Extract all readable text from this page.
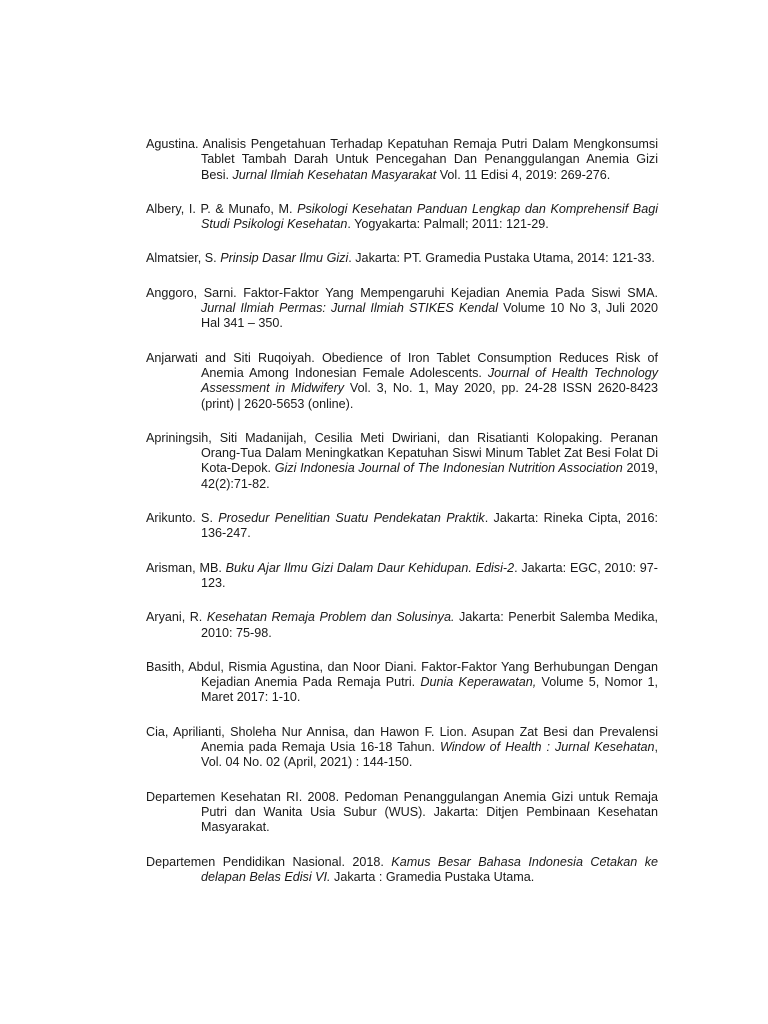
Agustina. Analisis Pengetahuan Terhadap Kepatuhan Remaja Putri Dalam Mengkonsumsi Tablet Tambah Darah Untuk Pencegahan Dan Penanggulangan Anemia Gizi Besi. Jurnal Ilmiah Kesehatan Masyarakat Vol. 11 Edisi 4, 2019: 269-276.

Albery, I. P. & Munafo, M. Psikologi Kesehatan Panduan Lengkap dan Komprehensif Bagi Studi Psikologi Kesehatan. Yogyakarta: Palmall; 2011: 121-29.

Almatsier, S. Prinsip Dasar Ilmu Gizi. Jakarta: PT. Gramedia Pustaka Utama, 2014: 121-33.

Anggoro, Sarni. Faktor-Faktor Yang Mempengaruhi Kejadian Anemia Pada Siswi SMA. Jurnal Ilmiah Permas: Jurnal Ilmiah STIKES Kendal Volume 10 No 3, Juli 2020 Hal 341 – 350.

Anjarwati and Siti Ruqoiyah. Obedience of Iron Tablet Consumption Reduces Risk of Anemia Among Indonesian Female Adolescents. Journal of Health Technology Assessment in Midwifery Vol. 3, No. 1, May 2020, pp. 24-28 ISSN 2620-8423 (print) | 2620-5653 (online).

Apriningsih, Siti Madanijah, Cesilia Meti Dwiriani, dan Risatianti Kolopaking. Peranan Orang-Tua Dalam Meningkatkan Kepatuhan Siswi Minum Tablet Zat Besi Folat Di Kota-Depok. Gizi Indonesia Journal of The Indonesian Nutrition Association 2019, 42(2):71-82.

Arikunto. S. Prosedur Penelitian Suatu Pendekatan Praktik. Jakarta: Rineka Cipta, 2016: 136-247.

Arisman, MB. Buku Ajar Ilmu Gizi Dalam Daur Kehidupan. Edisi-2. Jakarta: EGC, 2010: 97-123.

Aryani, R. Kesehatan Remaja Problem dan Solusinya. Jakarta: Penerbit Salemba Medika, 2010: 75-98.

Basith, Abdul, Rismia Agustina, dan Noor Diani. Faktor-Faktor Yang Berhubungan Dengan Kejadian Anemia Pada Remaja Putri. Dunia Keperawatan, Volume 5, Nomor 1, Maret 2017: 1-10.

Cia, Aprilianti, Sholeha Nur Annisa, dan Hawon F. Lion. Asupan Zat Besi dan Prevalensi Anemia pada Remaja Usia 16-18 Tahun. Window of Health : Jurnal Kesehatan, Vol. 04 No. 02 (April, 2021) : 144-150.

Departemen Kesehatan RI. 2008. Pedoman Penanggulangan Anemia Gizi untuk Remaja Putri dan Wanita Usia Subur (WUS). Jakarta: Ditjen Pembinaan Kesehatan Masyarakat.

Departemen Pendidikan Nasional. 2018. Kamus Besar Bahasa Indonesia Cetakan ke delapan Belas Edisi VI. Jakarta : Gramedia Pustaka Utama.
